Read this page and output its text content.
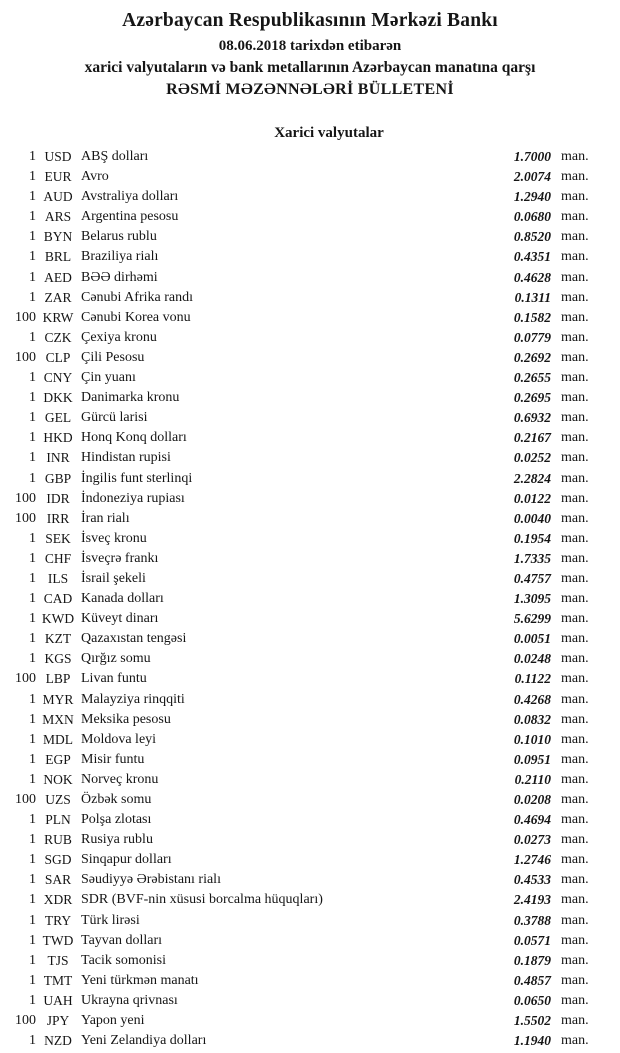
Azərbaycan Respublikasının Mərkəzi Bankı
08.06.2018 tarixdən etibarən
xarici valyutaların və bank metallarının Azərbaycan manatına qarşı
RƏSMİ MƏZƏNNƏLƏRİ BÜLLETENİ
Xarici valyutalar
1 USD ABŞ dolları	1.7000 man.
1 EUR Avro	2.0074 man.
1 AUD Avstraliya dolları	1.2940 man.
1 ARS Argentina pesosu	0.0680 man.
1 BYN Belarus rublu	0.8520 man.
1 BRL Braziliya rialı	0.4351 man.
1 AED BƏƏ dirhəmi	0.4628 man.
1 ZAR Cənubi Afrika randı	0.1311 man.
100 KRW Cənubi Korea vonu	0.1582 man.
1 CZK Çexiya kronu	0.0779 man.
100 CLP Çili Pesosu	0.2692 man.
1 CNY Çin yuanı	0.2655 man.
1 DKK Danimarka kronu	0.2695 man.
1 GEL Gürcü larisi	0.6932 man.
1 HKD Honq Konq dolları	0.2167 man.
1 INR Hindistan rupisi	0.0252 man.
1 GBP İngilis funt sterlinqi	2.2824 man.
100 IDR İndoneziya rupiası	0.0122 man.
100 IRR İran rialı	0.0040 man.
1 SEK İsveç kronu	0.1954 man.
1 CHF İsveçrə frankı	1.7335 man.
1 ILS İsrail şekeli	0.4757 man.
1 CAD Kanada dolları	1.3095 man.
1 KWD Küveyt dinarı	5.6299 man.
1 KZT Qazaxıstan tengəsi	0.0051 man.
1 KGS Qırğız somu	0.0248 man.
100 LBP Livan funtu	0.1122 man.
1 MYR Malayziya rinqqiti	0.4268 man.
1 MXN Meksika pesosu	0.0832 man.
1 MDL Moldova leyi	0.1010 man.
1 EGP Misir funtu	0.0951 man.
1 NOK Norveç kronu	0.2110 man.
100 UZS Özbək somu	0.0208 man.
1 PLN Polşa zlotası	0.4694 man.
1 RUB Rusiya rublu	0.0273 man.
1 SGD Sinqapur dolları	1.2746 man.
1 SAR Səudiyyə Ərəbistanı rialı	0.4533 man.
1 XDR SDR (BVF-nin xüsusi borcalma hüquqları)	2.4193 man.
1 TRY Türk lirəsi	0.3788 man.
1 TWD Tayvan dolları	0.0571 man.
1 TJS Tacik somonisi	0.1879 man.
1 TMT Yeni türkmən manatı	0.4857 man.
1 UAH Ukrayna qrivnası	0.0650 man.
100 JPY Yapon yeni	1.5502 man.
1 NZD Yeni Zelandiya dolları	1.1940 man.
